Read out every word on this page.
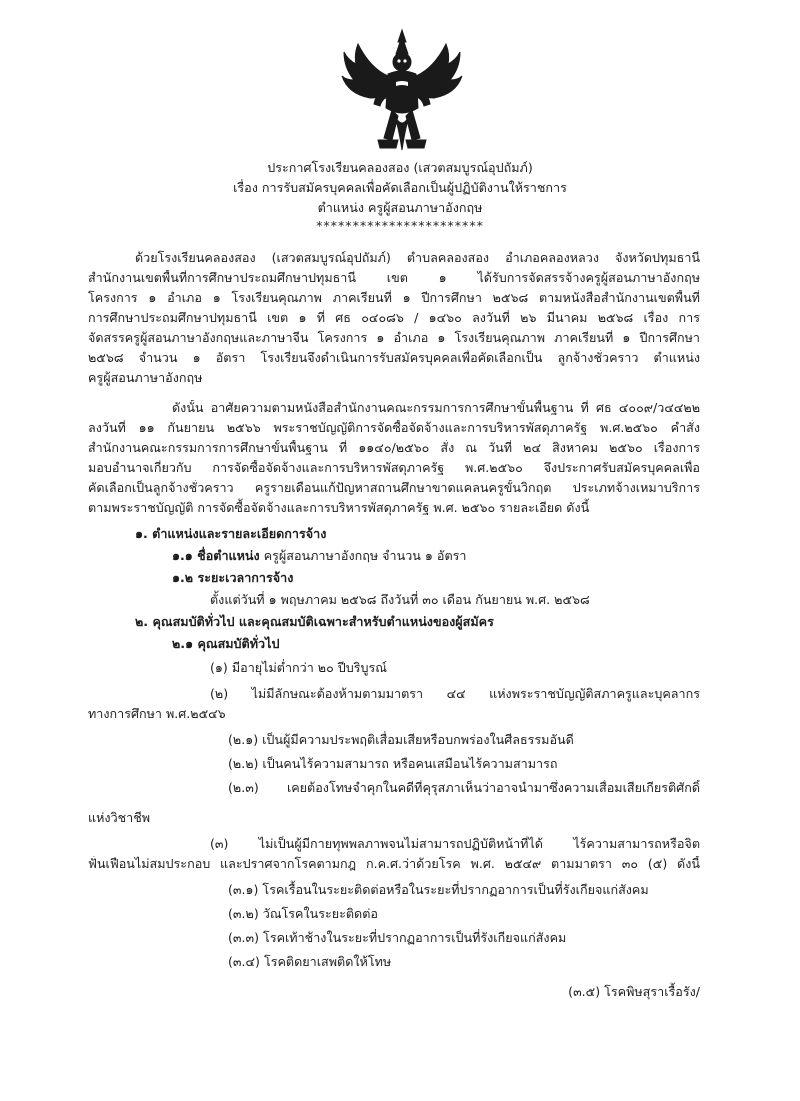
ประกาศโรงเรียนคลองสอง (เสวตสมบูรณ์อุปถัมภ์)
เรื่อง การรับสมัครบุคคลเพื่อคัดเลือกเป็นผู้ปฏิบัติงานให้ราชการ
ตำแหน่ง ครูผู้สอนภาษาอังกฤษ
***********************
ด้วยโรงเรียนคลองสอง (เสวตสมบูรณ์อุปถัมภ์) ตำบลคลองสอง อำเภอคลองหลวง จังหวัดปทุมธานี
สำนักงานเขตพื้นที่การศึกษาประถมศึกษาปทุมธานี เขต ๑ ได้รับการจัดสรรจ้างครูผู้สอนภาษาอังกฤษ
โครงการ ๑ อำเภอ ๑ โรงเรียนคุณภาพ ภาคเรียนที่ ๑ ปีการศึกษา ๒๕๖๘ ตามหนังสือสำนักงานเขตพื้นที่
การศึกษาประถมศึกษาปทุมธานี เขต ๑ ที่ ศธ ๐๔๐๘๖ / ๑๔๖๐ ลงวันที่ ๒๖ มีนาคม ๒๕๖๘ เรื่อง การ
จัดสรรครูผู้สอนภาษาอังกฤษและภาษาจีน โครงการ ๑ อำเภอ ๑ โรงเรียนคุณภาพ ภาคเรียนที่ ๑ ปีการศึกษา
๒๕๖๘ จำนวน ๑ อัตรา โรงเรียนจึงดำเนินการรับสมัครบุคคลเพื่อคัดเลือกเป็น ลูกจ้างชั่วคราว ตำแหน่ง
ครูผู้สอนภาษาอังกฤษ
ดังนั้น อาศัยความตามหนังสือสำนักงานคณะกรรมการการศึกษาขั้นพื้นฐาน ที่ ศธ ๔๐๐๙/ว๔๔๒๒
ลงวันที่ ๑๑ กันยายน ๒๕๖๖ พระราชบัญญัติการจัดซื้อจัดจ้างและการบริหารพัสดุภาครัฐ พ.ศ.๒๕๖๐ คำสั่ง
สำนักงานคณะกรรมการการศึกษาขั้นพื้นฐาน ที่ ๑๑๔๐/๒๕๖๐ สั่ง ณ วันที่ ๒๔ สิงหาคม ๒๕๖๐ เรื่องการ
มอบอำนาจเกี่ยวกับ การจัดซื้อจัดจ้างและการบริหารพัสดุภาครัฐ พ.ศ.๒๕๖๐ จึงประกาศรับสมัครบุคคลเพื่อ
คัดเลือกเป็นลูกจ้างชั่วคราว ครูรายเดือนแก้ปัญหาสถานศึกษาขาดแคลนครูขั้นวิกฤต ประเภทจ้างเหมาบริการ
ตามพระราชบัญญัติ การจัดซื้อจัดจ้างและการบริหารพัสดุภาครัฐ พ.ศ. ๒๕๖๐ รายละเอียด ดังนี้
๑. ตำแหน่งและรายละเอียดการจ้าง
๑.๑ ชื่อตำแหน่ง ครูผู้สอนภาษาอังกฤษ จำนวน ๑ อัตรา
๑.๒ ระยะเวลาการจ้าง
ตั้งแต่วันที่ ๑ พฤษภาคม ๒๕๖๘ ถึงวันที่ ๓๐ เดือน กันยายน พ.ศ. ๒๕๖๘
๒. คุณสมบัติทั่วไป และคุณสมบัติเฉพาะสำหรับตำแหน่งของผู้สมัคร
๒.๑ คุณสมบัติทั่วไป
(๑) มีอายุไม่ต่ำกว่า ๒๐ ปีบริบูรณ์
(๒) ไม่มีลักษณะต้องห้ามตามมาตรา ๔๔ แห่งพระราชบัญญัติสภาครูและบุคลากร
ทางการศึกษา พ.ศ.๒๕๔๖
(๒.๑) เป็นผู้มีความประพฤติเสื่อมเสียหรือบกพร่องในศีลธรรมอันดี
(๒.๒) เป็นคนไร้ความสามารถ หรือคนเสมือนไร้ความสามารถ
(๒.๓) เคยต้องโทษจำคุกในคดีที่คุรุสภาเห็นว่าอาจนำมาซึ่งความเสื่อมเสียเกียรติศักดิ์
แห่งวิชาชีพ
(๓) ไม่เป็นผู้มีกายทุพพลภาพจนไม่สามารถปฏิบัติหน้าที่ได้ ไร้ความสามารถหรือจิต
ฟั่นเฟือนไม่สมประกอบ และปราศจากโรคตามกฎ ก.ค.ศ.ว่าด้วยโรค พ.ศ. ๒๕๔๙ ตามมาตรา ๓๐ (๕) ดังนี้
(๓.๑) โรคเรื้อนในระยะติดต่อหรือในระยะที่ปรากฏอาการเป็นที่รังเกียจแก่สังคม
(๓.๒) วัณโรคในระยะติดต่อ
(๓.๓) โรคเท้าช้างในระยะที่ปรากฏอาการเป็นที่รังเกียจแก่สังคม
(๓.๔) โรคติดยาเสพติดให้โทษ
(๓.๕) โรคพิษสุราเรื้อรัง/
